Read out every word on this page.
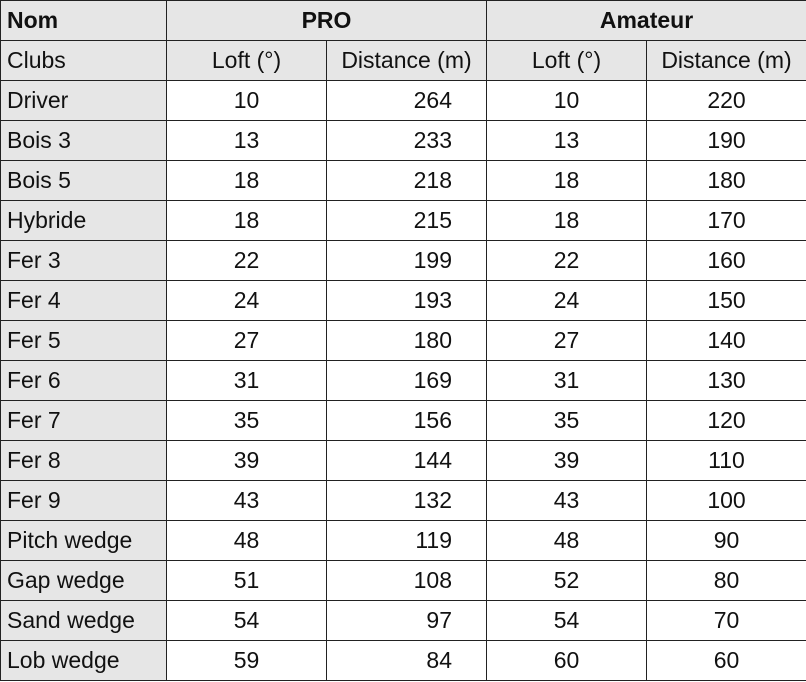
Nom	PRO		Amateur	
Clubs	Loft (°)	Distance (m)	Loft (°)	Distance (m)
Driver	10	264	10	220
Bois 3	13	233	13	190
Bois 5	18	218	18	180
Hybride	18	215	18	170
Fer 3	22	199	22	160
Fer 4	24	193	24	150
Fer 5	27	180	27	140
Fer 6	31	169	31	130
Fer 7	35	156	35	120
Fer 8	39	144	39	110
Fer 9	43	132	43	100
Pitch wedge	48	119	48	90
Gap wedge	51	108	52	80
Sand wedge	54	97	54	70
Lob wedge	59	84	60	60
